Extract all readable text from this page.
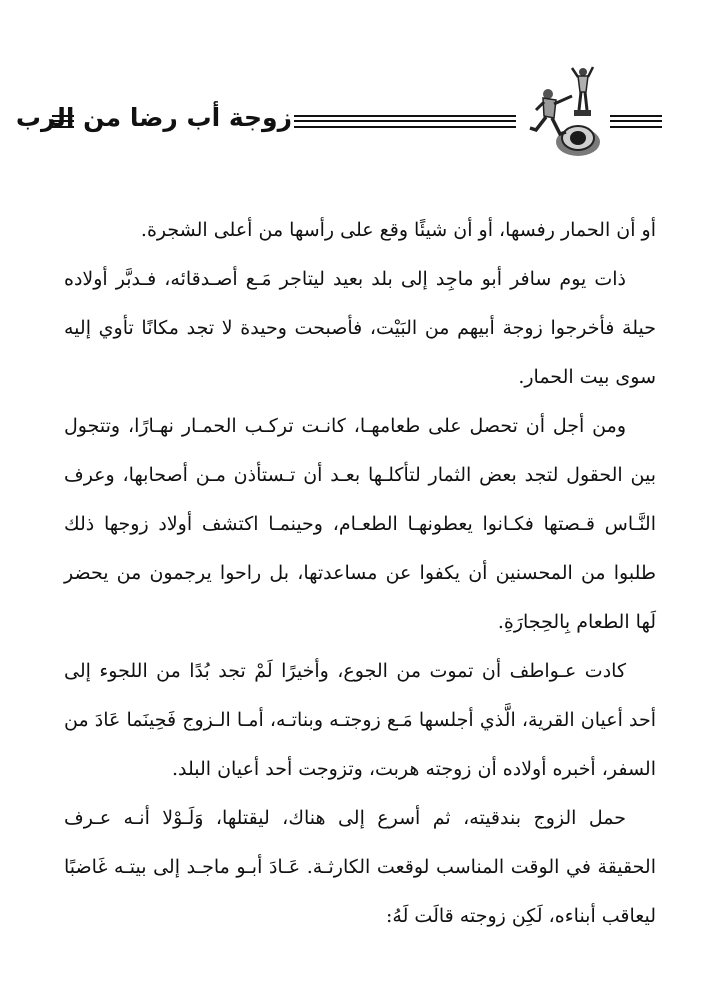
زوجة أب رضا من الرب

أو أن الحمار رفسها، أو أن شيئًا وقع على رأسها من أعلى الشجرة.

ذات يوم سافر أبو ماجِد إلى بلد بعيد ليتاجر مَـع أصـدقائه، فـدبَّر أولاده حيلة فأخرجوا زوجة أبيهم من البَيْت، فأصبحت وحيدة لا تجد مكانًا تأوي إليه سوى بيت الحمار.

ومن أجل أن تحصل على طعامهـا، كانـت تركـب الحمـار نهـارًا، وتتجول بين الحقول لتجد بعض الثمار لتأكلـها بعـد أن تـستأذن مـن أصحابها، وعرف النَّـاس قـصتها فكـانوا يعطونهـا الطعـام، وحينمـا اكتشف أولاد زوجها ذلك طلبوا من المحسنين أن يكفوا عن مساعدتها، بل راحوا يرجمون من يحضر لَها الطعام بِالحِجارَةِ.

كادت عـواطف أن تموت من الجوع، وأخيرًا لَمْ تجد بُدًا من اللجوء إلى أحد أعيان القرية، الَّذي أجلسها مَـع زوجتـه وبناتـه، أمـا الـزوج فَحِينَما عَادَ من السفر، أخبره أولاده أن زوجته هربت، وتزوجت أحد أعيان البلد.

حمل الزوج بندقيته، ثم أسرع إلى هناك، ليقتلها، وَلَـوْلا أنـه عـرف الحقيقة في الوقت المناسب لوقعت الكارثـة. عَـادَ أبـو ماجـد إلى بيتـه غَاضبًا ليعاقب أبناءه، لَكِن زوجته قالَت لَهُ:
